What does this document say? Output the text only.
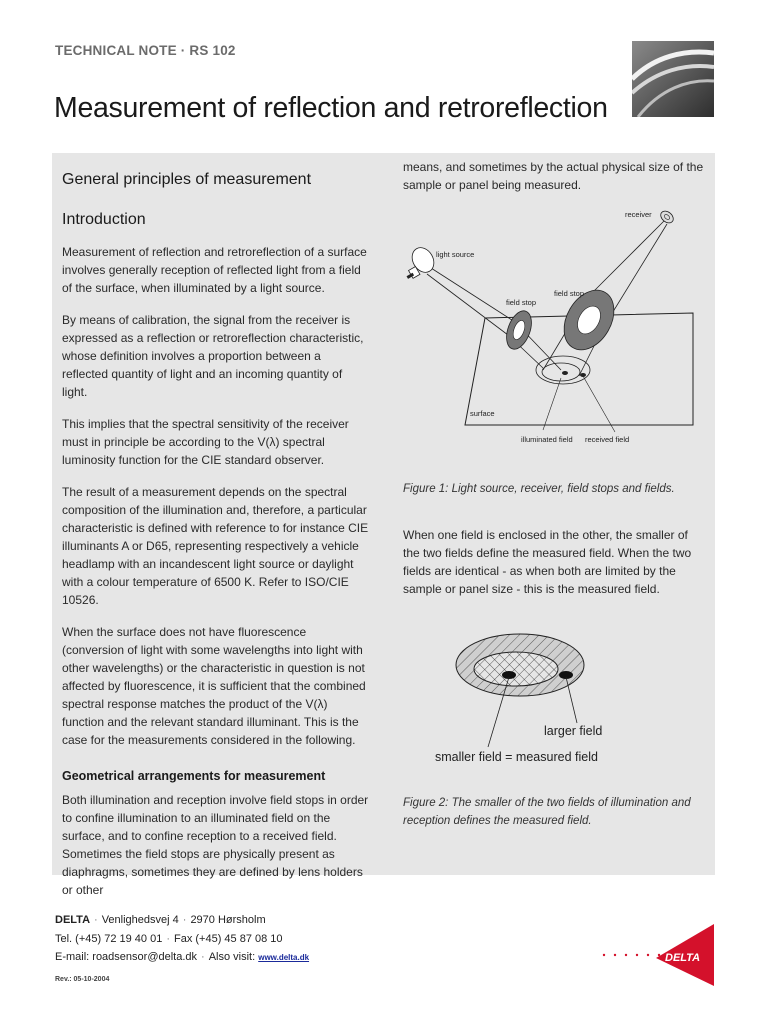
TECHNICAL NOTE · RS 102
Measurement of reflection and retroreflection
General principles of measurement
Introduction

Measurement of reflection and retroreflection of a surface involves generally reception of reflected light from a field of the surface, when illuminated by a light source.

By means of calibration, the signal from the receiver is expressed as a reflection or retroreflection characteristic, whose definition involves a proportion between a reflected quantity of light and an incoming quantity of light.

This implies that the spectral sensitivity of the receiver must in principle be according to the V(λ) spectral luminosity function for the CIE standard observer.

The result of a measurement depends on the spectral composition of the illumination and, therefore, a particular characteristic is defined with reference to for instance CIE illuminants A or D65, representing respectively a vehicle headlamp with an incandescent light source or daylight with a colour temperature of 6500 K. Refer to ISO/CIE 10526.

When the surface does not have fluorescence (conversion of light with some wavelengths into light with other wavelengths) or the characteristic in question is not affected by fluorescence, it is sufficient that the combined spectral response matches the product of the V(λ) function and the relevant standard illuminant. This is the case for the measurements considered in the following.

Geometrical arrangements for measurement

Both illumination and reception involve field stops in order to confine illumination to an illuminated field on the surface, and to confine reception to a received field. Sometimes the field stops are physically present as diaphragms, sometimes they are defined by lens holders or other

means, and sometimes by the actual physical size of the sample or panel being measured.

receiver
light source
field stop
field stop
surface
illuminated field received field
Figure 1: Light source, receiver, field stops and fields.

When one field is enclosed in the other, the smaller of the two fields define the measured field. When the two fields are identical - as when both are limited by the sample or panel size - this is the measured field.

larger field
smaller field = measured field
Figure 2: The smaller of the two fields of illumination and reception defines the measured field.
DELTA · Venlighedsvej 4 · 2970 Hørsholm
Tel. (+45) 72 19 40 01 · Fax (+45) 45 87 08 10
E-mail: roadsensor@delta.dk · Also visit: www.delta.dk
Rev.: 05-10-2004
DELTA
